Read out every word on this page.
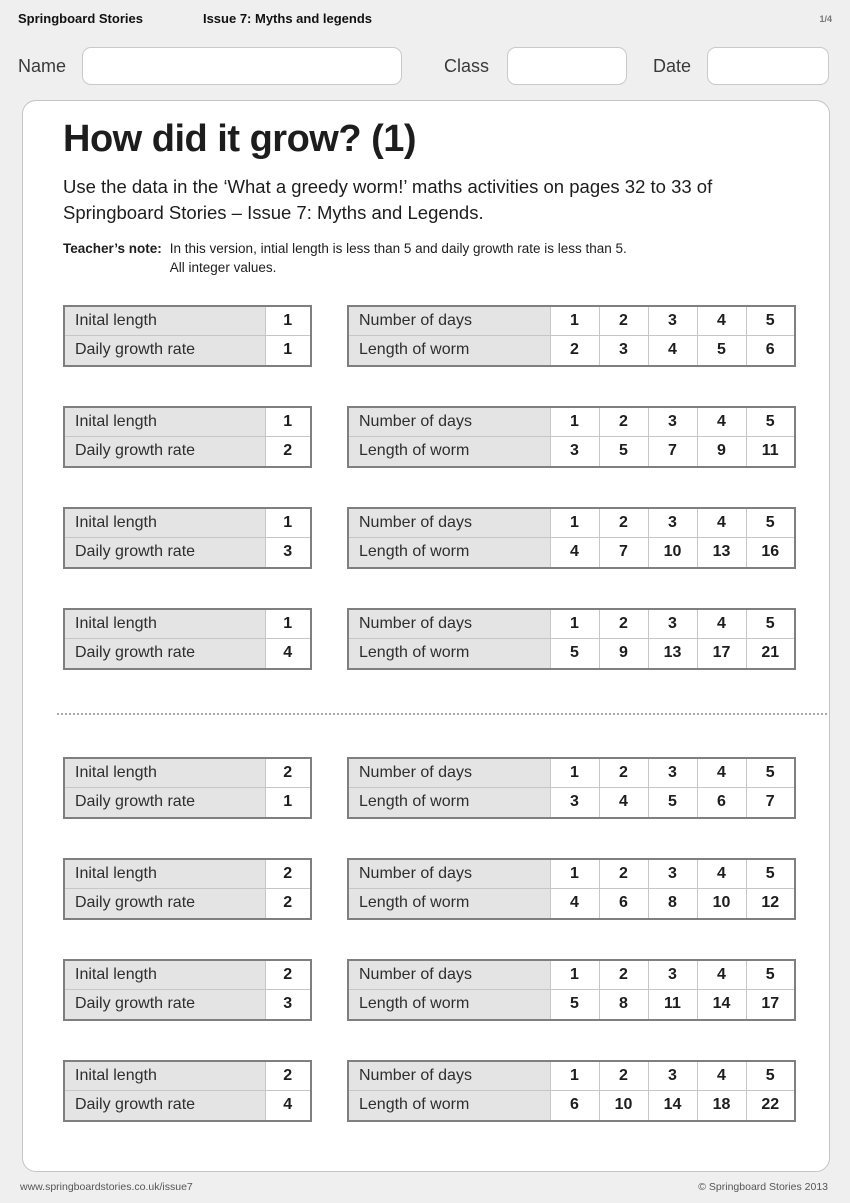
Springboard Stories	Issue 7: Myths and legends	1/4
Name	Class	Date
How did it grow? (1)

Use the data in the ‘What a greedy worm!’ maths activities on pages 32 to 33 of Springboard Stories – Issue 7: Myths and Legends.

Teacher’s note: In this version, intial length is less than 5 and daily growth rate is less than 5.
All integer values.
Inital length	1
Daily growth rate	1
Number of days	1	2	3	4	5
Length of worm	2	3	4	5	6
Inital length	1
Daily growth rate	2
Number of days	1	2	3	4	5
Length of worm	3	5	7	9	11
Inital length	1
Daily growth rate	3
Number of days	1	2	3	4	5
Length of worm	4	7	10	13	16
Inital length	1
Daily growth rate	4
Number of days	1	2	3	4	5
Length of worm	5	9	13	17	21
Inital length	2
Daily growth rate	1
Number of days	1	2	3	4	5
Length of worm	3	4	5	6	7
Inital length	2
Daily growth rate	2
Number of days	1	2	3	4	5
Length of worm	4	6	8	10	12
Inital length	2
Daily growth rate	3
Number of days	1	2	3	4	5
Length of worm	5	8	11	14	17
Inital length	2
Daily growth rate	4
Number of days	1	2	3	4	5
Length of worm	6	10	14	18	22
www.springboardstories.co.uk/issue7	© Springboard Stories 2013
